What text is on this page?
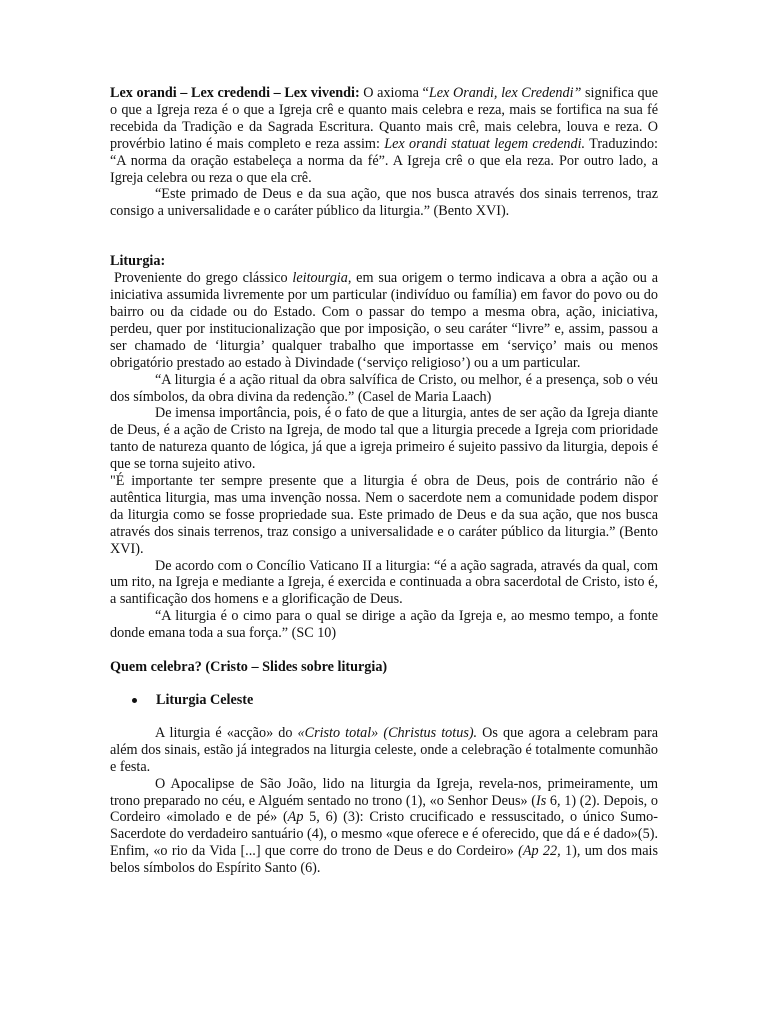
Lex orandi – Lex credendi – Lex vivendi: O axioma “Lex Orandi, lex Credendi” significa que o que a Igreja reza é o que a Igreja crê e quanto mais celebra e reza, mais se fortifica na sua fé recebida da Tradição e da Sagrada Escritura. Quanto mais crê, mais celebra, louva e reza. O provérbio latino é mais completo e reza assim: Lex orandi statuat legem credendi. Traduzindo: “A norma da oração estabeleça a norma da fé”. A Igreja crê o que ela reza. Por outro lado, a Igreja celebra ou reza o que ela crê.

“Este primado de Deus e da sua ação, que nos busca através dos sinais terrenos, traz consigo a universalidade e o caráter público da liturgia.” (Bento XVI).

Liturgia:

Proveniente do grego clássico leitourgia, em sua origem o termo indicava a obra a ação ou a iniciativa assumida livremente por um particular (indivíduo ou família) em favor do povo ou do bairro ou da cidade ou do Estado. Com o passar do tempo a mesma obra, ação, iniciativa, perdeu, quer por institucionalização que por imposição, o seu caráter “livre” e, assim, passou a ser chamado de ‘liturgia’ qualquer trabalho que importasse em ‘serviço’ mais ou menos obrigatório prestado ao estado à Divindade (‘serviço religioso’) ou a um particular.

“A liturgia é a ação ritual da obra salvífica de Cristo, ou melhor, é a presença, sob o véu dos símbolos, da obra divina da redenção.” (Casel de Maria Laach)

De imensa importância, pois, é o fato de que a liturgia, antes de ser ação da Igreja diante de Deus, é a ação de Cristo na Igreja, de modo tal que a liturgia precede a Igreja com prioridade tanto de natureza quanto de lógica, já que a igreja primeiro é sujeito passivo da liturgia, depois é que se torna sujeito ativo.

"É importante ter sempre presente que a liturgia é obra de Deus, pois de contrário não é autêntica liturgia, mas uma invenção nossa. Nem o sacerdote nem a comunidade podem dispor da liturgia como se fosse propriedade sua. Este primado de Deus e da sua ação, que nos busca através dos sinais terrenos, traz consigo a universalidade e o caráter público da liturgia.” (Bento XVI).

De acordo com o Concílio Vaticano II a liturgia: “é a ação sagrada, através da qual, com um rito, na Igreja e mediante a Igreja, é exercida e continuada a obra sacerdotal de Cristo, isto é, a santificação dos homens e a glorificação de Deus.

“A liturgia é o cimo para o qual se dirige a ação da Igreja e, ao mesmo tempo, a fonte donde emana toda a sua força.” (SC 10)

Quem celebra? (Cristo – Slides sobre liturgia)

Liturgia Celeste

A liturgia é «acção» do «Cristo total» (Christus totus). Os que agora a celebram para além dos sinais, estão já integrados na liturgia celeste, onde a celebração é totalmente comunhão e festa.

O Apocalipse de São João, lido na liturgia da Igreja, revela-nos, primeiramente, um trono preparado no céu, e Alguém sentado no trono (1), «o Senhor Deus» (Is 6, 1) (2). Depois, o Cordeiro «imolado e de pé» (Ap 5, 6) (3): Cristo crucificado e ressuscitado, o único Sumo-Sacerdote do verdadeiro santuário (4), o mesmo «que oferece e é oferecido, que dá e é dado»(5). Enfim, «o rio da Vida [...] que corre do trono de Deus e do Cordeiro» (Ap 22, 1), um dos mais belos símbolos do Espírito Santo (6).
